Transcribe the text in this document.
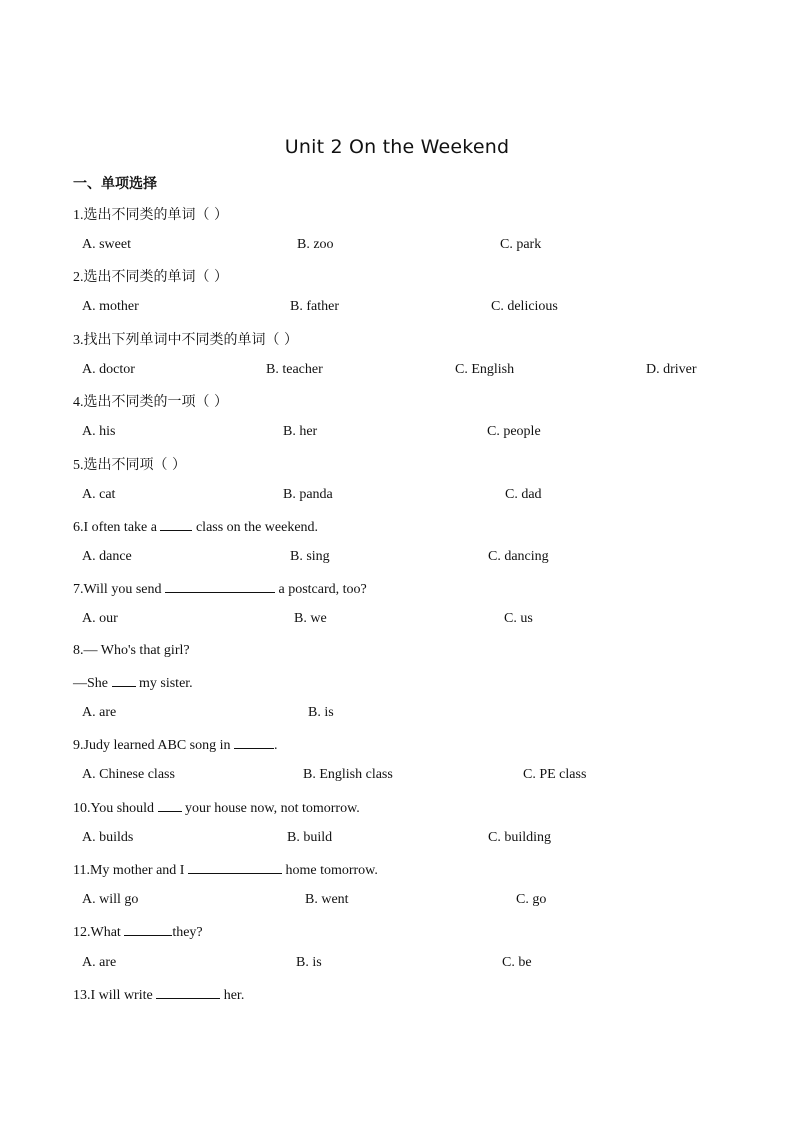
Unit 2 On the Weekend
一、单项选择
1.选出不同类的单词（ ）
A. sweet	B. zoo	C. park
2.选出不同类的单词（ ）
A. mother	B. father	C. delicious
3.找出下列单词中不同类的单词（ ）
A. doctor	B. teacher	C. English	D. driver
4.选出不同类的一项（ ）
A. his	B. her	C. people
5.选出不同项（ ）
A. cat	B. panda	C. dad
6.I often take a  class on the weekend.
A. dance	B. sing	C. dancing
7.Will you send	a postcard, too?
A. our	B. we	C. us
8.— Who's that girl?
—She  my sister.
A. are	B. is
9.Judy learned ABC song in	.
A. Chinese class	B. English class	C. PE class
10.You should  your house now, not tomorrow.
A. builds	B. build	C. building
11.My mother and I	home tomorrow.
A. will go	B. went	C. go
12.What	they?
A. are	B. is	C. be
13.I will write	her.
